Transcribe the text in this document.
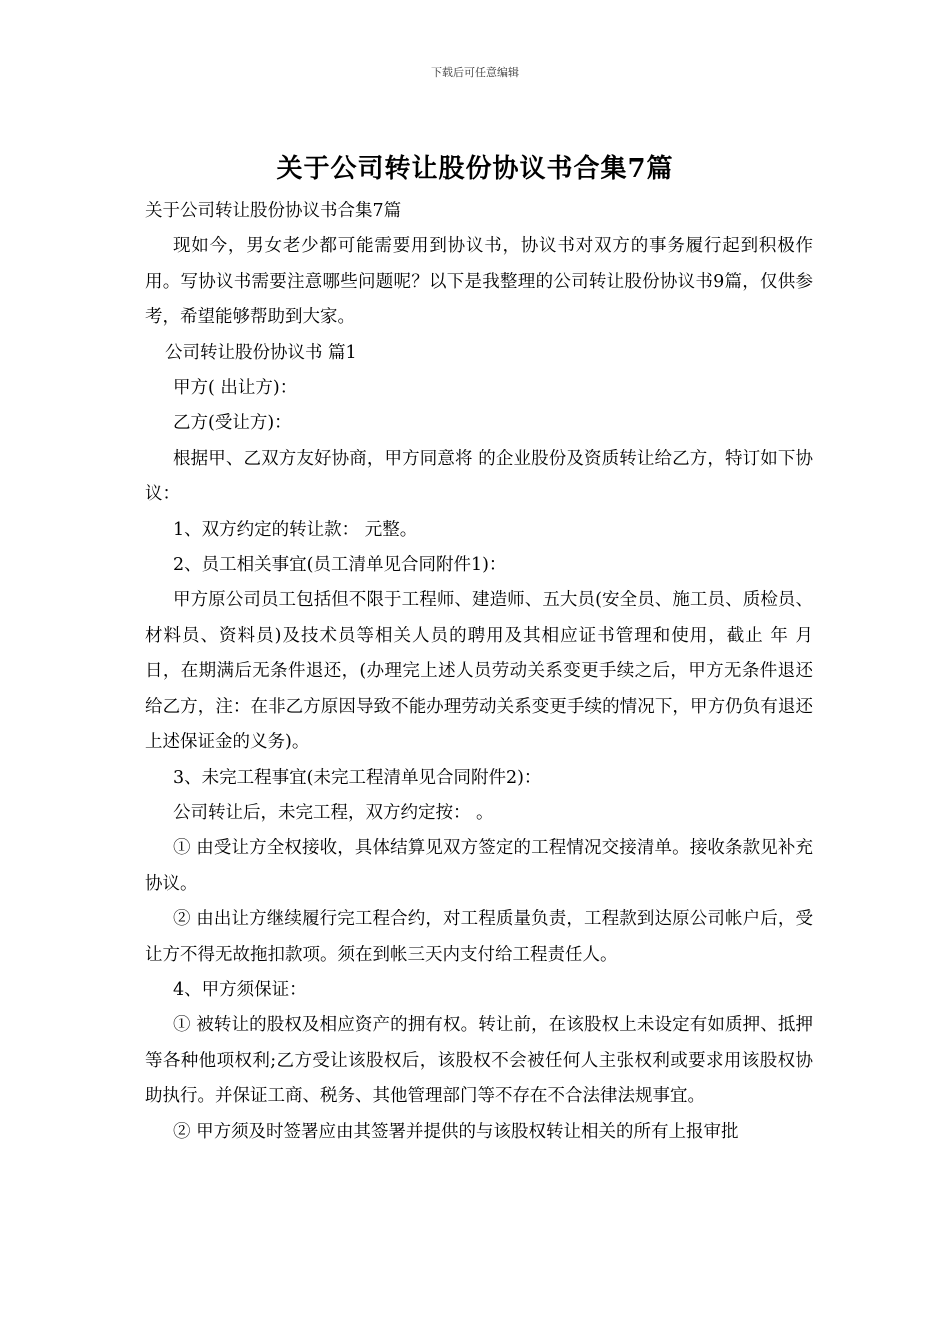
下载后可任意编辑
关于公司转让股份协议书合集7篇

关于公司转让股份协议书合集7篇

现如今，男女老少都可能需要用到协议书，协议书对双方的事务履行起到积极作用。写协议书需要注意哪些问题呢？以下是我整理的公司转让股份协议书9篇，仅供参考，希望能够帮助到大家。

公司转让股份协议书 篇1

甲方( 出让方)：

乙方(受让方)：

根据甲、乙双方友好协商，甲方同意将 的企业股份及资质转让给乙方，特订如下协议：

1、双方约定的转让款： 元整。

2、员工相关事宜(员工清单见合同附件1)：

甲方原公司员工包括但不限于工程师、建造师、五大员(安全员、施工员、质检员、材料员、资料员)及技术员等相关人员的聘用及其相应证书管理和使用，截止 年 月 日，在期满后无条件退还，(办理完上述人员劳动关系变更手续之后，甲方无条件退还给乙方，注：在非乙方原因导致不能办理劳动关系变更手续的情况下，甲方仍负有退还上述保证金的义务)。

3、未完工程事宜(未完工程清单见合同附件2)：

公司转让后，未完工程，双方约定按： 。

① 由受让方全权接收，具体结算见双方签定的工程情况交接清单。接收条款见补充协议。

② 由出让方继续履行完工程合约，对工程质量负责，工程款到达原公司帐户后，受让方不得无故拖扣款项。须在到帐三天内支付给工程责任人。

4、甲方须保证：

① 被转让的股权及相应资产的拥有权。转让前，在该股权上未设定有如质押、抵押等各种他项权利;乙方受让该股权后，该股权不会被任何人主张权利或要求用该股权协助执行。并保证工商、税务、其他管理部门等不存在不合法律法规事宜。

② 甲方须及时签署应由其签署并提供的与该股权转让相关的所有上报审批
